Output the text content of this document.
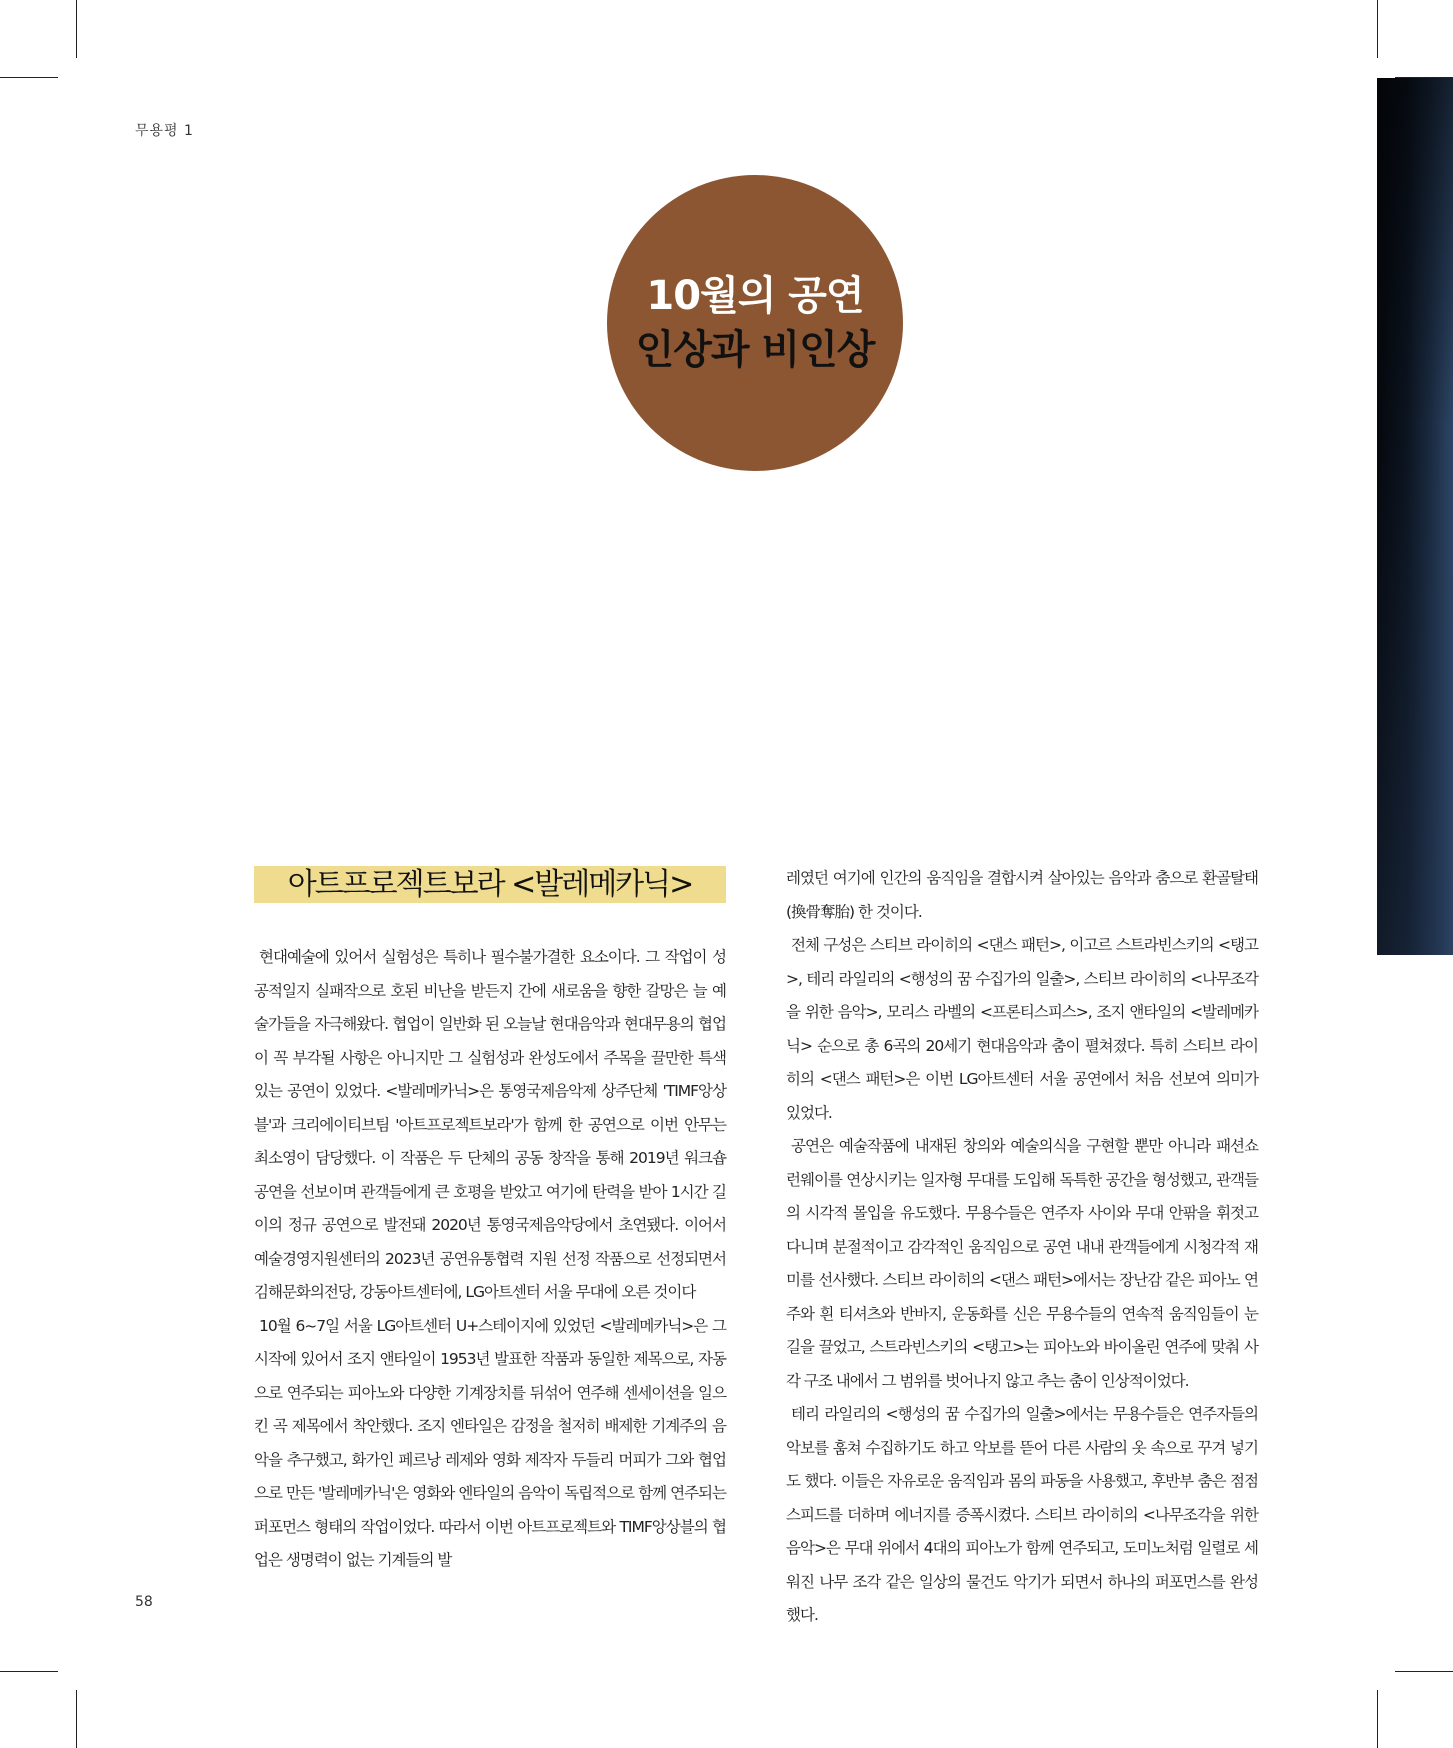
무용평 1
10월의 공연
인상과 비인상
아트프로젝트보라 <발레메카닉>

현대예술에 있어서 실험성은 특히나 필수불가결한 요소이다. 그 작업이 성공적일지 실패작으로 호된 비난을 받든지 간에 새로움을 향한 갈망은 늘 예술가들을 자극해왔다. 협업이 일반화 된 오늘날 현대음악과 현대무용의 협업이 꼭 부각될 사항은 아니지만 그 실험성과 완성도에서 주목을 끌만한 특색 있는 공연이 있었다. <발레메카닉>은 통영국제음악제 상주단체 'TIMF앙상블'과 크리에이티브팀 '아트프로젝트보라'가 함께 한 공연으로 이번 안무는 최소영이 담당했다. 이 작품은 두 단체의 공동 창작을 통해 2019년 워크숍 공연을 선보이며 관객들에게 큰 호평을 받았고 여기에 탄력을 받아 1시간 길이의 정규 공연으로 발전돼 2020년 통영국제음악당에서 초연됐다. 이어서 예술경영지원센터의 2023년 공연유통협력 지원 선정 작품으로 선정되면서 김해문화의전당, 강동아트센터에, LG아트센터 서울 무대에 오른 것이다

10월 6~7일 서울 LG아트센터 U+스테이지에 있었던 <발레메카닉>은 그 시작에 있어서 조지 앤타일이 1953년 발표한 작품과 동일한 제목으로, 자동으로 연주되는 피아노와 다양한 기계장치를 뒤섞어 연주해 센세이션을 일으킨 곡 제목에서 착안했다. 조지 엔타일은 감정을 철저히 배제한 기계주의 음악을 추구했고, 화가인 페르낭 레제와 영화 제작자 두들리 머피가 그와 협업으로 만든 '발레메카닉'은 영화와 엔타일의 음악이 독립적으로 함께 연주되는 퍼포먼스 형태의 작업이었다. 따라서 이번 아트프로젝트와 TIMF앙상블의 협업은 생명력이 없는 기계들의 발

레였던 여기에 인간의 움직임을 결합시켜 살아있는 음악과 춤으로 환골탈태(換骨奪胎) 한 것이다.

전체 구성은 스티브 라이히의 <댄스 패턴>, 이고르 스트라빈스키의 <탱고>, 테리 라일리의 <행성의 꿈 수집가의 일출>, 스티브 라이히의 <나무조각을 위한 음악>, 모리스 라벨의 <프론티스피스>, 조지 앤타일의 <발레메카닉> 순으로 총 6곡의 20세기 현대음악과 춤이 펼쳐졌다. 특히 스티브 라이히의 <댄스 패턴>은 이번 LG아트센터 서울 공연에서 처음 선보여 의미가 있었다.

공연은 예술작품에 내재된 창의와 예술의식을 구현할 뿐만 아니라 패션쇼 런웨이를 연상시키는 일자형 무대를 도입해 독특한 공간을 형성했고, 관객들의 시각적 몰입을 유도했다. 무용수들은 연주자 사이와 무대 안팎을 휘젓고 다니며 분절적이고 감각적인 움직임으로 공연 내내 관객들에게 시청각적 재미를 선사했다. 스티브 라이히의 <댄스 패턴>에서는 장난감 같은 피아노 연주와 흰 티셔츠와 반바지, 운동화를 신은 무용수들의 연속적 움직임들이 눈길을 끌었고, 스트라빈스키의 <탱고>는 피아노와 바이올린 연주에 맞춰 사각 구조 내에서 그 범위를 벗어나지 않고 추는 춤이 인상적이었다.

테리 라일리의 <행성의 꿈 수집가의 일출>에서는 무용수들은 연주자들의 악보를 훔쳐 수집하기도 하고 악보를 뜯어 다른 사람의 옷 속으로 꾸겨 넣기도 했다. 이들은 자유로운 움직임과 몸의 파동을 사용했고, 후반부 춤은 점점 스피드를 더하며 에너지를 증폭시켰다. 스티브 라이히의 <나무조각을 위한 음악>은 무대 위에서 4대의 피아노가 함께 연주되고, 도미노처럼 일렬로 세워진 나무 조각 같은 일상의 물건도 악기가 되면서 하나의 퍼포먼스를 완성했다.

58
